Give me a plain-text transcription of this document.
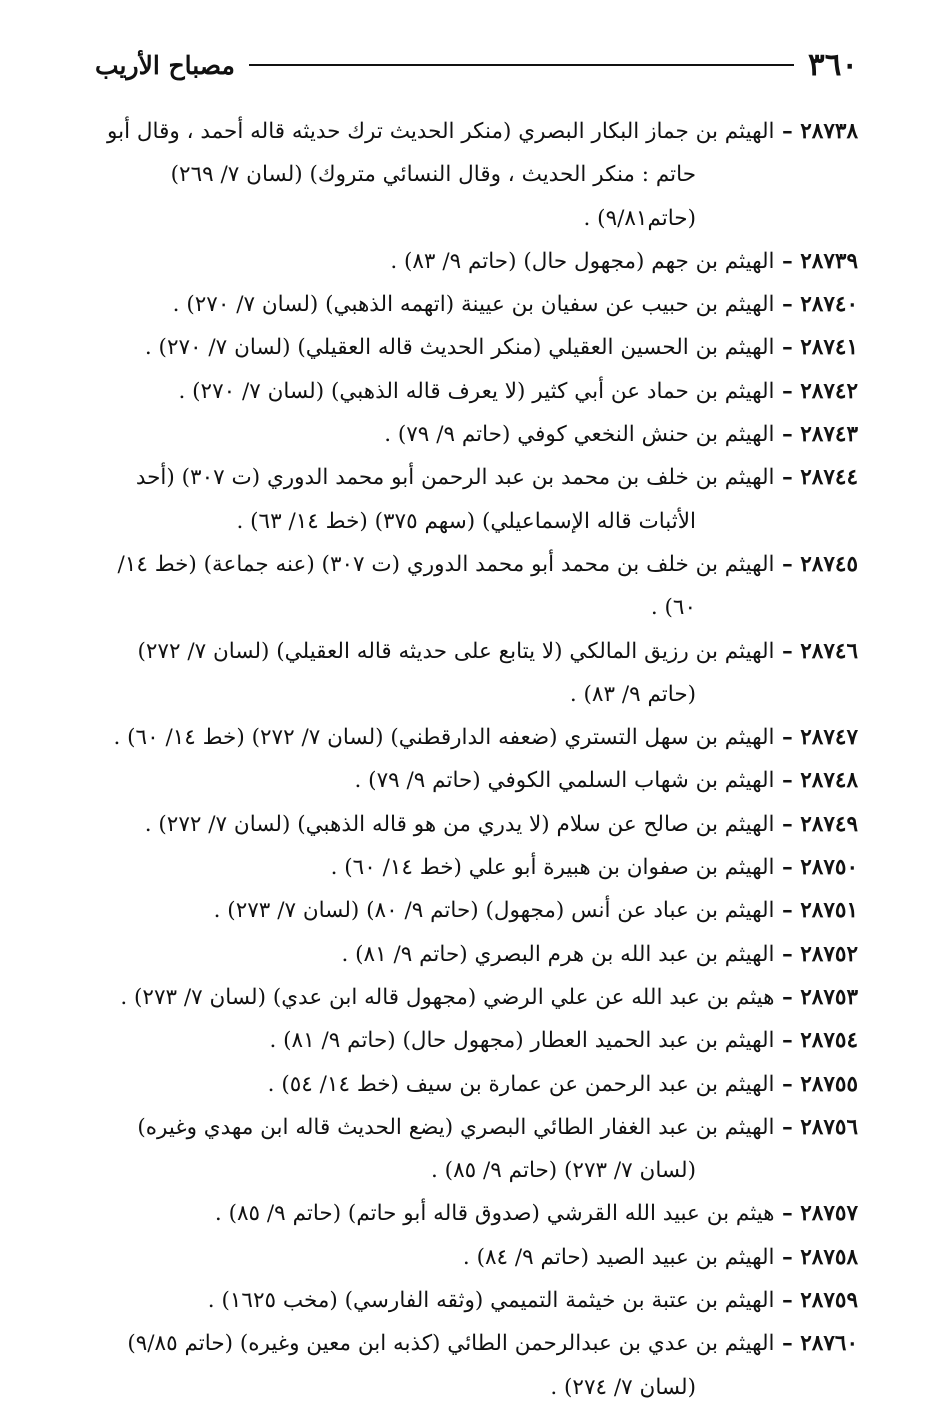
٣٦٠
مصباح الأريب
٢٨٧٣٨ – الهيثم بن جماز البكار البصري (منكر الحديث ترك حديثه قاله أحمد ، وقال أبو حاتم : منكر الحديث ، وقال النسائي متروك) (لسان ٧/ ٢٦٩) (حاتم٩/٨١) .
٢٨٧٣٩ – الهيثم بن جهم (مجهول حال) (حاتم ٩/ ٨٣) .
٢٨٧٤٠ – الهيثم بن حبيب عن سفيان بن عيينة (اتهمه الذهبي) (لسان ٧/ ٢٧٠) .
٢٨٧٤١ – الهيثم بن الحسين العقيلي (منكر الحديث قاله العقيلي) (لسان ٧/ ٢٧٠) .
٢٨٧٤٢ – الهيثم بن حماد عن أبي كثير (لا يعرف قاله الذهبي) (لسان ٧/ ٢٧٠) .
٢٨٧٤٣ – الهيثم بن حنش النخعي كوفي (حاتم ٩/ ٧٩) .
٢٨٧٤٤ – الهيثم بن خلف بن محمد بن عبد الرحمن أبو محمد الدوري (ت ٣٠٧) (أحد الأثبات قاله الإسماعيلي) (سهم ٣٧٥) (خط ١٤/ ٦٣) .
٢٨٧٤٥ – الهيثم بن خلف بن محمد أبو محمد الدوري (ت ٣٠٧) (عنه جماعة) (خط ١٤/ ٦٠) .
٢٨٧٤٦ – الهيثم بن رزيق المالكي (لا يتابع على حديثه قاله العقيلي) (لسان ٧/ ٢٧٢) (حاتم ٩/ ٨٣) .
٢٨٧٤٧ – الهيثم بن سهل التستري (ضعفه الدارقطني) (لسان ٧/ ٢٧٢) (خط ١٤/ ٦٠) .
٢٨٧٤٨ – الهيثم بن شهاب السلمي الكوفي (حاتم ٩/ ٧٩) .
٢٨٧٤٩ – الهيثم بن صالح عن سلام (لا يدري من هو قاله الذهبي) (لسان ٧/ ٢٧٢) .
٢٨٧٥٠ – الهيثم بن صفوان بن هبيرة أبو علي (خط ١٤/ ٦٠) .
٢٨٧٥١ – الهيثم بن عباد عن أنس (مجهول) (حاتم ٩/ ٨٠) (لسان ٧/ ٢٧٣) .
٢٨٧٥٢ – الهيثم بن عبد الله بن هرم البصري (حاتم ٩/ ٨١) .
٢٨٧٥٣ – هيثم بن عبد الله عن علي الرضي (مجهول قاله ابن عدي) (لسان ٧/ ٢٧٣) .
٢٨٧٥٤ – الهيثم بن عبد الحميد العطار (مجهول حال) (حاتم ٩/ ٨١) .
٢٨٧٥٥ – الهيثم بن عبد الرحمن عن عمارة بن سيف (خط ١٤/ ٥٤) .
٢٨٧٥٦ – الهيثم بن عبد الغفار الطائي البصري (يضع الحديث قاله ابن مهدي وغيره) (لسان ٧/ ٢٧٣) (حاتم ٩/ ٨٥) .
٢٨٧٥٧ – هيثم بن عبيد الله القرشي (صدوق قاله أبو حاتم) (حاتم ٩/ ٨٥) .
٢٨٧٥٨ – الهيثم بن عبيد الصيد (حاتم ٩/ ٨٤) .
٢٨٧٥٩ – الهيثم بن عتبة بن خيثمة التميمي (وثقه الفارسي) (مخب ١٦٢٥) .
٢٨٧٦٠ – الهيثم بن عدي بن عبدالرحمن الطائي (كذبه ابن معين وغيره) (حاتم ٩/٨٥) (لسان ٧/ ٢٧٤) .
